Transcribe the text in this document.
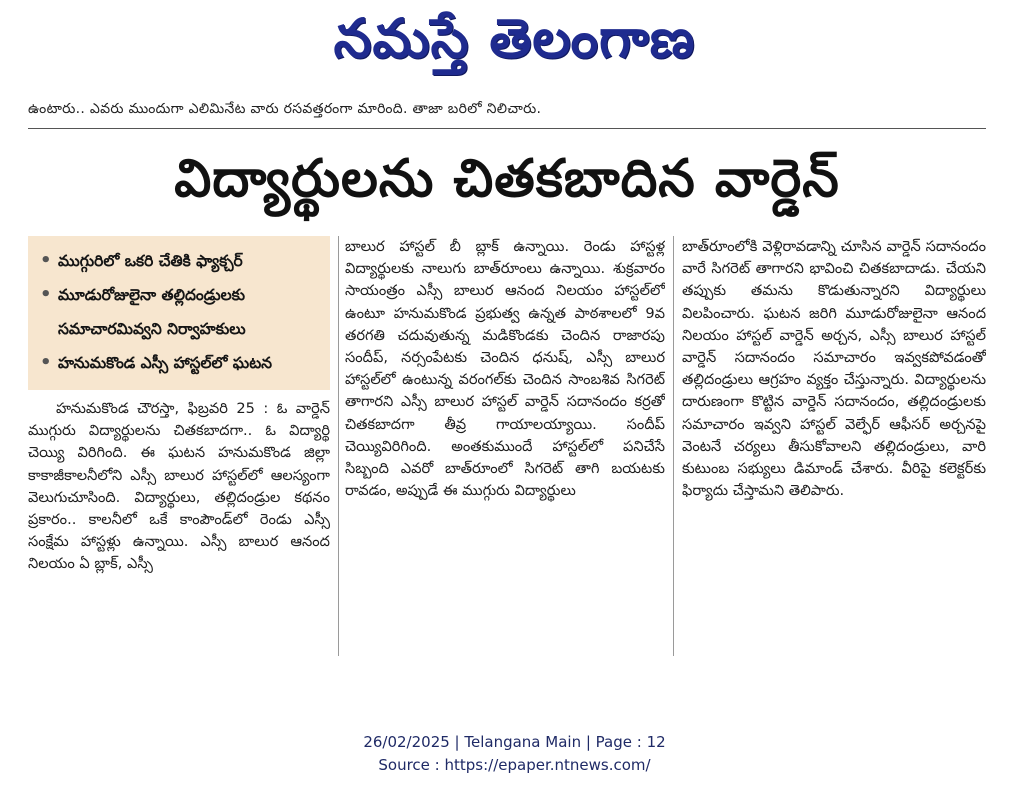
నమస్తే తెలంగాణ
ఉంటారు.. ఎవరు ముందుగా ఎలిమినేట వారు రసవత్తరంగా మారింది. తాజా బరిలో నిలిచారు.
విద్యార్థులను చితకబాదిన వార్డెన్
• ముగ్గురిలో ఒకరి చేతికి ఫ్యాక్చర్
• మూడురోజులైనా తల్లిదండ్రులకు సమాచారమివ్వని నిర్వాహకులు
• హనుమకొండ ఎస్సీ హాస్టల్‌లో ఘటన
హనుమకొండ చౌరస్తా, ఫిబ్రవరి 25 : ఓ వార్డెన్ ముగ్గురు విద్యార్థులను చితకబాదగా.. ఓ విద్యార్థి చెయ్యి విరిగింది. ఈ ఘటన హనుమకొండ జిల్లా కాకాజీకాలనీలోని ఎస్సీ బాలుర హాస్టల్‌లో ఆలస్యంగా వెలుగుచూసింది. విద్యార్థులు, తల్లిదండ్రుల కథనం ప్రకారం.. కాలనీలో ఒకే కాంపౌండ్‌లో రెండు ఎస్సీ సంక్షేమ హాస్టళ్లు ఉన్నాయి. ఎస్సీ బాలుర ఆనంద నిలయం ఏ బ్లాక్, ఎస్సీ
బాలుర హాస్టల్ బీ బ్లాక్ ఉన్నాయి. రెండు హాస్టళ్ల విద్యార్థులకు నాలుగు బాత్‌రూంలు ఉన్నాయి. శుక్రవారం సాయంత్రం ఎస్సీ బాలుర ఆనంద నిలయం హాస్టల్‌లో ఉంటూ హనుమకొండ ప్రభుత్వ ఉన్నత పాఠశాలలో 9వ తరగతి చదువుతున్న మడికొండకు చెందిన రాజారపు సందీప్, నర్సంపేటకు చెందిన ధనుష్, ఎస్సీ బాలుర హాస్టల్‌లో ఉంటున్న వరంగల్‌కు చెందిన సాంబశివ సిగరెట్ తాగారని ఎస్సీ బాలుర హాస్టల్ వార్డెన్ సదానందం కర్రతో చితకబాదగా తీవ్ర గాయాలయ్యాయి. సందీప్ చెయ్యివిరిగింది. అంతకుముందే హాస్టల్‌లో పనిచేసే సిబ్బంది ఎవరో బాత్‌రూంలో సిగరెట్ తాగి బయటకు రావడం, అప్పుడే ఈ ముగ్గురు విద్యార్థులు
బాత్‌రూంలోకి వెళ్లిరావడాన్ని చూసిన వార్డెన్ సదానందం వారే సిగరెట్ తాగారని భావించి చితకబాదాడు. చేయని తప్పుకు తమను కొడుతున్నారని విద్యార్థులు విలపించారు. ఘటన జరిగి మూడురోజులైనా ఆనంద నిలయం హాస్టల్ వార్డెన్ అర్చన, ఎస్సీ బాలుర హాస్టల్ వార్డెన్ సదానందం సమాచారం ఇవ్వకపోవడంతో తల్లిదండ్రులు ఆగ్రహం వ్యక్తం చేస్తున్నారు. విద్యార్థులను దారుణంగా కొట్టిన వార్డెన్ సదానందం, తల్లిదండ్రులకు సమాచారం ఇవ్వని హాస్టల్ వెల్ఫేర్ ఆఫీసర్ అర్చనపై వెంటనే చర్యలు తీసుకోవాలని తల్లిదండ్రులు, వారి కుటుంబ సభ్యులు డిమాండ్ చేశారు. వీరిపై కలెక్టర్‌కు ఫిర్యాదు చేస్తామని తెలిపారు.
26/02/2025 | Telangana Main | Page : 12
Source : https://epaper.ntnews.com/
